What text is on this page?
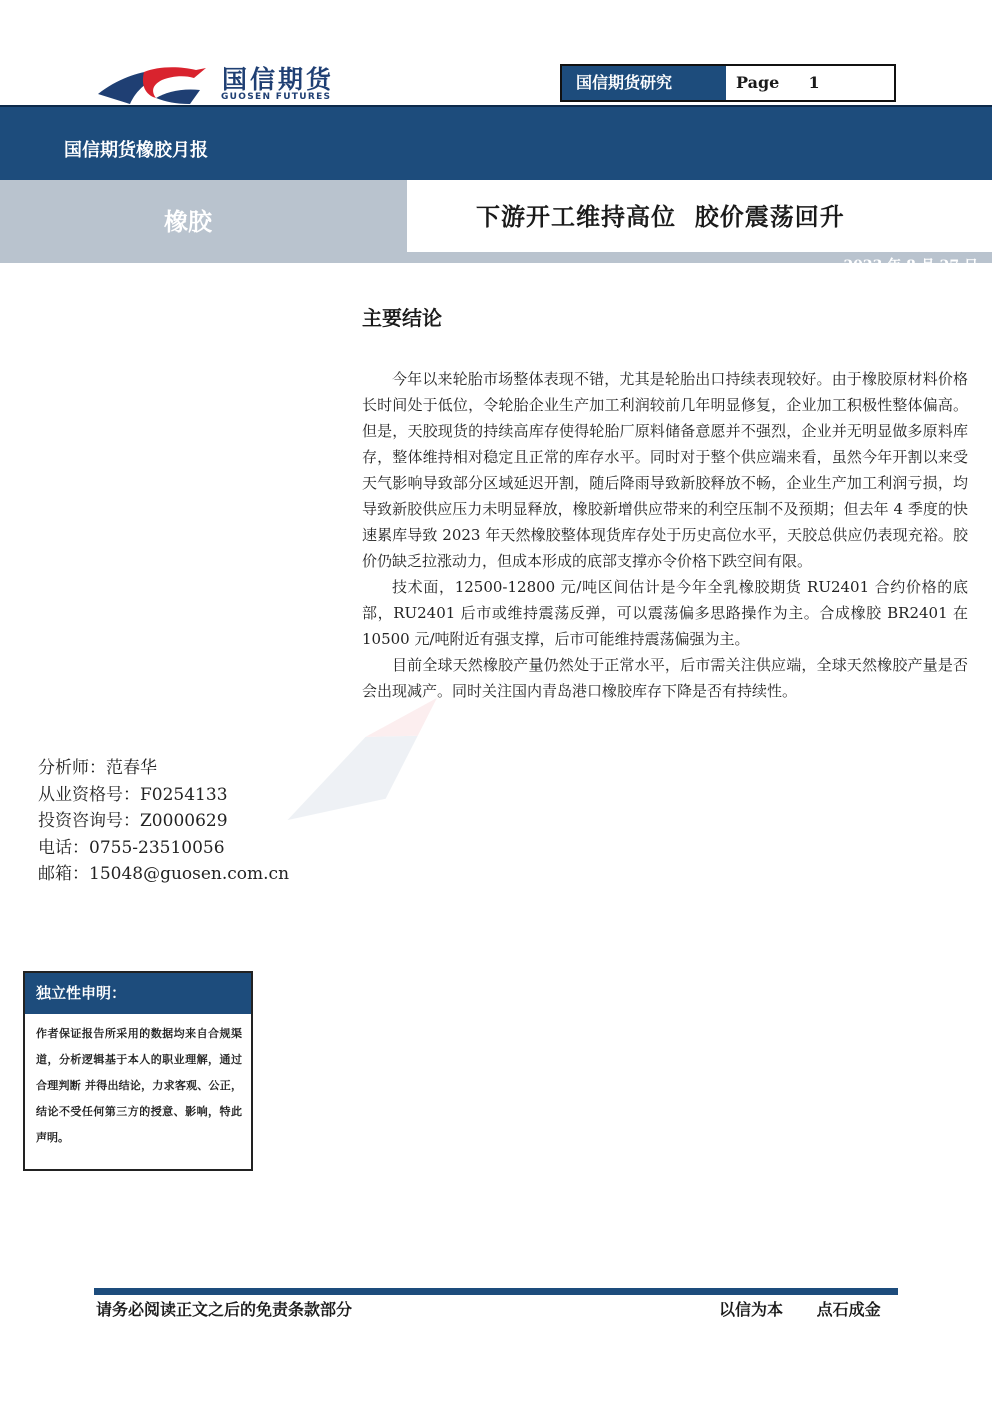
国信期货
GUOSEN FUTURES
国信期货研究	Page 1
国信期货橡胶月报
橡胶	下游开工维持高位  胶价震荡回升
2023 年 8 月 27 日
主要结论

今年以来轮胎市场整体表现不错，尤其是轮胎出口持续表现较好。由于橡胶原材料价格长时间处于低位，令轮胎企业生产加工利润较前几年明显修复，企业加工积极性整体偏高。但是，天胶现货的持续高库存使得轮胎厂原料储备意愿并不强烈，企业并无明显做多原料库存，整体维持相对稳定且正常的库存水平。同时对于整个供应端来看，虽然今年开割以来受天气影响导致部分区域延迟开割，随后降雨导致新胶释放不畅，企业生产加工利润亏损，均导致新胶供应压力未明显释放，橡胶新增供应带来的利空压制不及预期；但去年 4 季度的快速累库导致 2023 年天然橡胶整体现货库存处于历史高位水平，天胶总供应仍表现充裕。胶价仍缺乏拉涨动力，但成本形成的底部支撑亦令价格下跌空间有限。

技术面，12500-12800 元/吨区间估计是今年全乳橡胶期货 RU2401 合约价格的底部，RU2401 后市或维持震荡反弹，可以震荡偏多思路操作为主。合成橡胶 BR2401 在 10500 元/吨附近有强支撑，后市可能维持震荡偏强为主。

目前全球天然橡胶产量仍然处于正常水平，后市需关注供应端，全球天然橡胶产量是否会出现减产。同时关注国内青岛港口橡胶库存下降是否有持续性。

分析师：范春华
从业资格号：F0254133
投资咨询号：Z0000629
电话：0755-23510056
邮箱：15048@guosen.com.cn
独立性申明：
作者保证报告所采用的数据均来自合规渠道，分析逻辑基于本人的职业理解，通过合理判断 并得出结论，力求客观、公正，结论不受任何第三方的授意、影响，特此声明。
请务必阅读正文之后的免责条款部分	以信为本 点石成金
